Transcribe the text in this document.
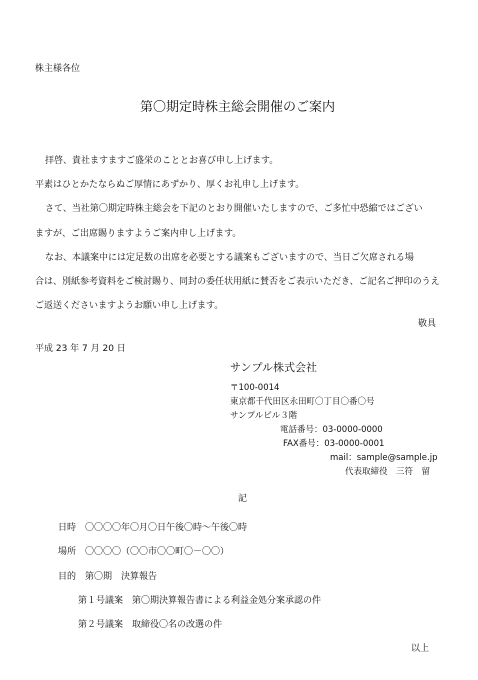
株主様各位
第〇期定時株主総会開催のご案内
拝啓、貴社ますますご盛栄のこととお喜び申し上げます。
平素はひとかたならぬご厚情にあずかり、厚くお礼申し上げます。
さて、当社第〇期定時株主総会を下記のとおり開催いたしますので、ご多忙中恐縮ではござい
ますが、ご出席賜りますようご案内申し上げます。
なお、本議案中には定足数の出席を必要とする議案もございますので、当日ご欠席される場
合は、別紙参考資料をご検討賜り、同封の委任状用紙に賛否をご表示いただき、ご記名ご押印のうえ
ご返送くださいますようお願い申し上げます。
敬具
平成 23 年 7 月 20 日
サンプル株式会社
〒100-0014
東京都千代田区永田町〇丁目〇番〇号
サンプルビル３階
電話番号：03-0000-0000
FAX番号：03-0000-0001
mail：sample@sample.jp
代表取締役　三符　留
記
日時　〇〇〇〇年〇月〇日午後〇時～午後〇時
場所　〇〇〇〇（〇〇市〇〇町〇－〇〇）
目的　第〇期　決算報告
第１号議案　第〇期決算報告書による利益金処分案承認の件
第２号議案　取締役〇名の改選の件
以上
